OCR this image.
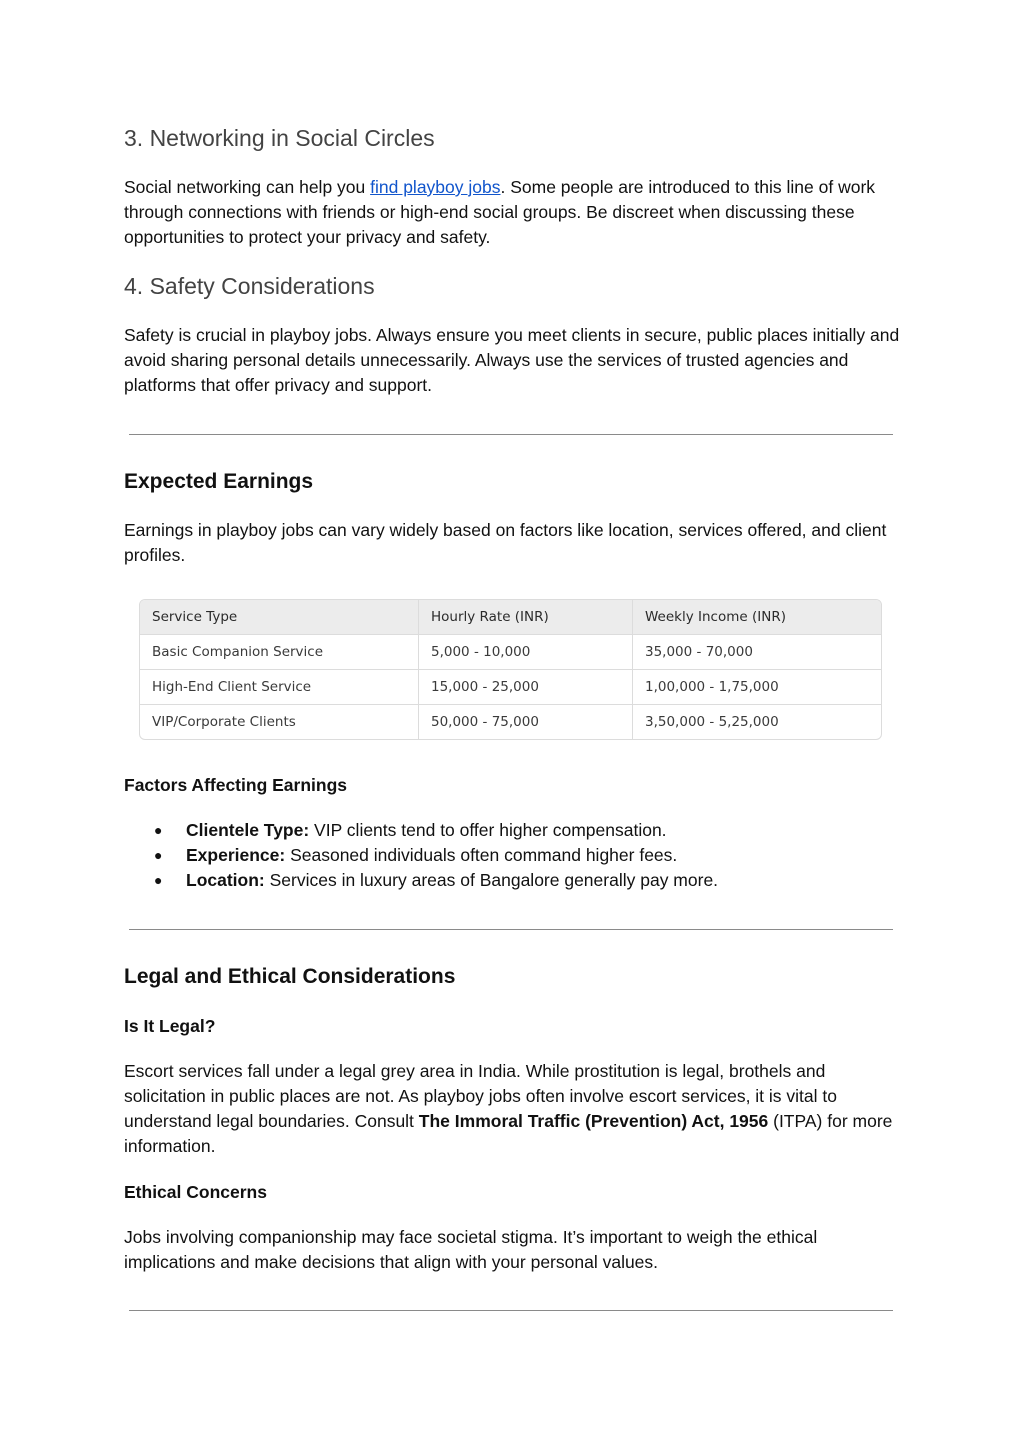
3. Networking in Social Circles

Social networking can help you find playboy jobs. Some people are introduced to this line of work through connections with friends or high-end social groups. Be discreet when discussing these opportunities to protect your privacy and safety.

4. Safety Considerations

Safety is crucial in playboy jobs. Always ensure you meet clients in secure, public places initially and avoid sharing personal details unnecessarily. Always use the services of trusted agencies and platforms that offer privacy and support.

Expected Earnings

Earnings in playboy jobs can vary widely based on factors like location, services offered, and client profiles.

Service Type	Hourly Rate (INR)	Weekly Income (INR)
Basic Companion Service	5,000 - 10,000	35,000 - 70,000
High-End Client Service	15,000 - 25,000	1,00,000 - 1,75,000
VIP/Corporate Clients	50,000 - 75,000	3,50,000 - 5,25,000
Factors Affecting Earnings
● Clientele Type: VIP clients tend to offer higher compensation.
● Experience: Seasoned individuals often command higher fees.
● Location: Services in luxury areas of Bangalore generally pay more.
Legal and Ethical Considerations
Is It Legal?

Escort services fall under a legal grey area in India. While prostitution is legal, brothels and solicitation in public places are not. As playboy jobs often involve escort services, it is vital to understand legal boundaries. Consult The Immoral Traffic (Prevention) Act, 1956 (ITPA) for more information.

Ethical Concerns

Jobs involving companionship may face societal stigma. It’s important to weigh the ethical implications and make decisions that align with your personal values.
